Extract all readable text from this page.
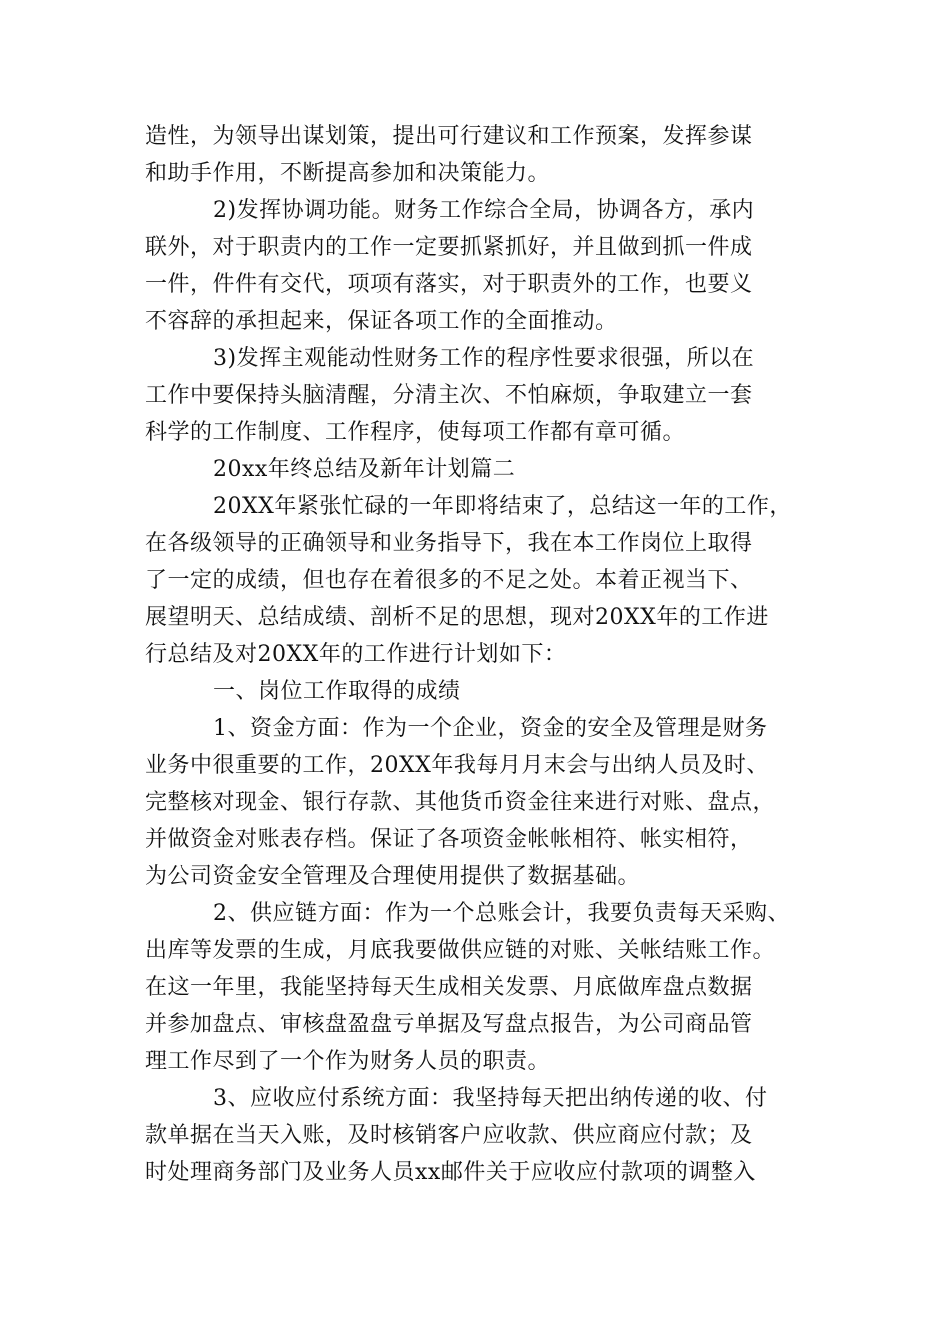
造性，为领导出谋划策，提出可行建议和工作预案，发挥参谋
和助手作用，不断提高参加和决策能力。
2)发挥协调功能。财务工作综合全局，协调各方，承内
联外，对于职责内的工作一定要抓紧抓好，并且做到抓一件成
一件，件件有交代，项项有落实，对于职责外的工作，也要义
不容辞的承担起来，保证各项工作的全面推动。
3)发挥主观能动性财务工作的程序性要求很强，所以在
工作中要保持头脑清醒，分清主次、不怕麻烦，争取建立一套
科学的工作制度、工作程序，使每项工作都有章可循。
20xx年终总结及新年计划篇二
20XX年紧张忙碌的一年即将结束了，总结这一年的工作，
在各级领导的正确领导和业务指导下，我在本工作岗位上取得
了一定的成绩，但也存在着很多的不足之处。本着正视当下、
展望明天、总结成绩、剖析不足的思想，现对20XX年的工作进
行总结及对20XX年的工作进行计划如下：
一、岗位工作取得的成绩
1、资金方面：作为一个企业，资金的安全及管理是财务
业务中很重要的工作，20XX年我每月月末会与出纳人员及时、
完整核对现金、银行存款、其他货币资金往来进行对账、盘点，
并做资金对账表存档。保证了各项资金帐帐相符、帐实相符，
为公司资金安全管理及合理使用提供了数据基础。
2、供应链方面：作为一个总账会计，我要负责每天采购、
出库等发票的生成，月底我要做供应链的对账、关帐结账工作。
在这一年里，我能坚持每天生成相关发票、月底做库盘点数据
并参加盘点、审核盘盈盘亏单据及写盘点报告，为公司商品管
理工作尽到了一个作为财务人员的职责。
3、应收应付系统方面：我坚持每天把出纳传递的收、付
款单据在当天入账，及时核销客户应收款、供应商应付款；及
时处理商务部门及业务人员xx邮件关于应收应付款项的调整入
